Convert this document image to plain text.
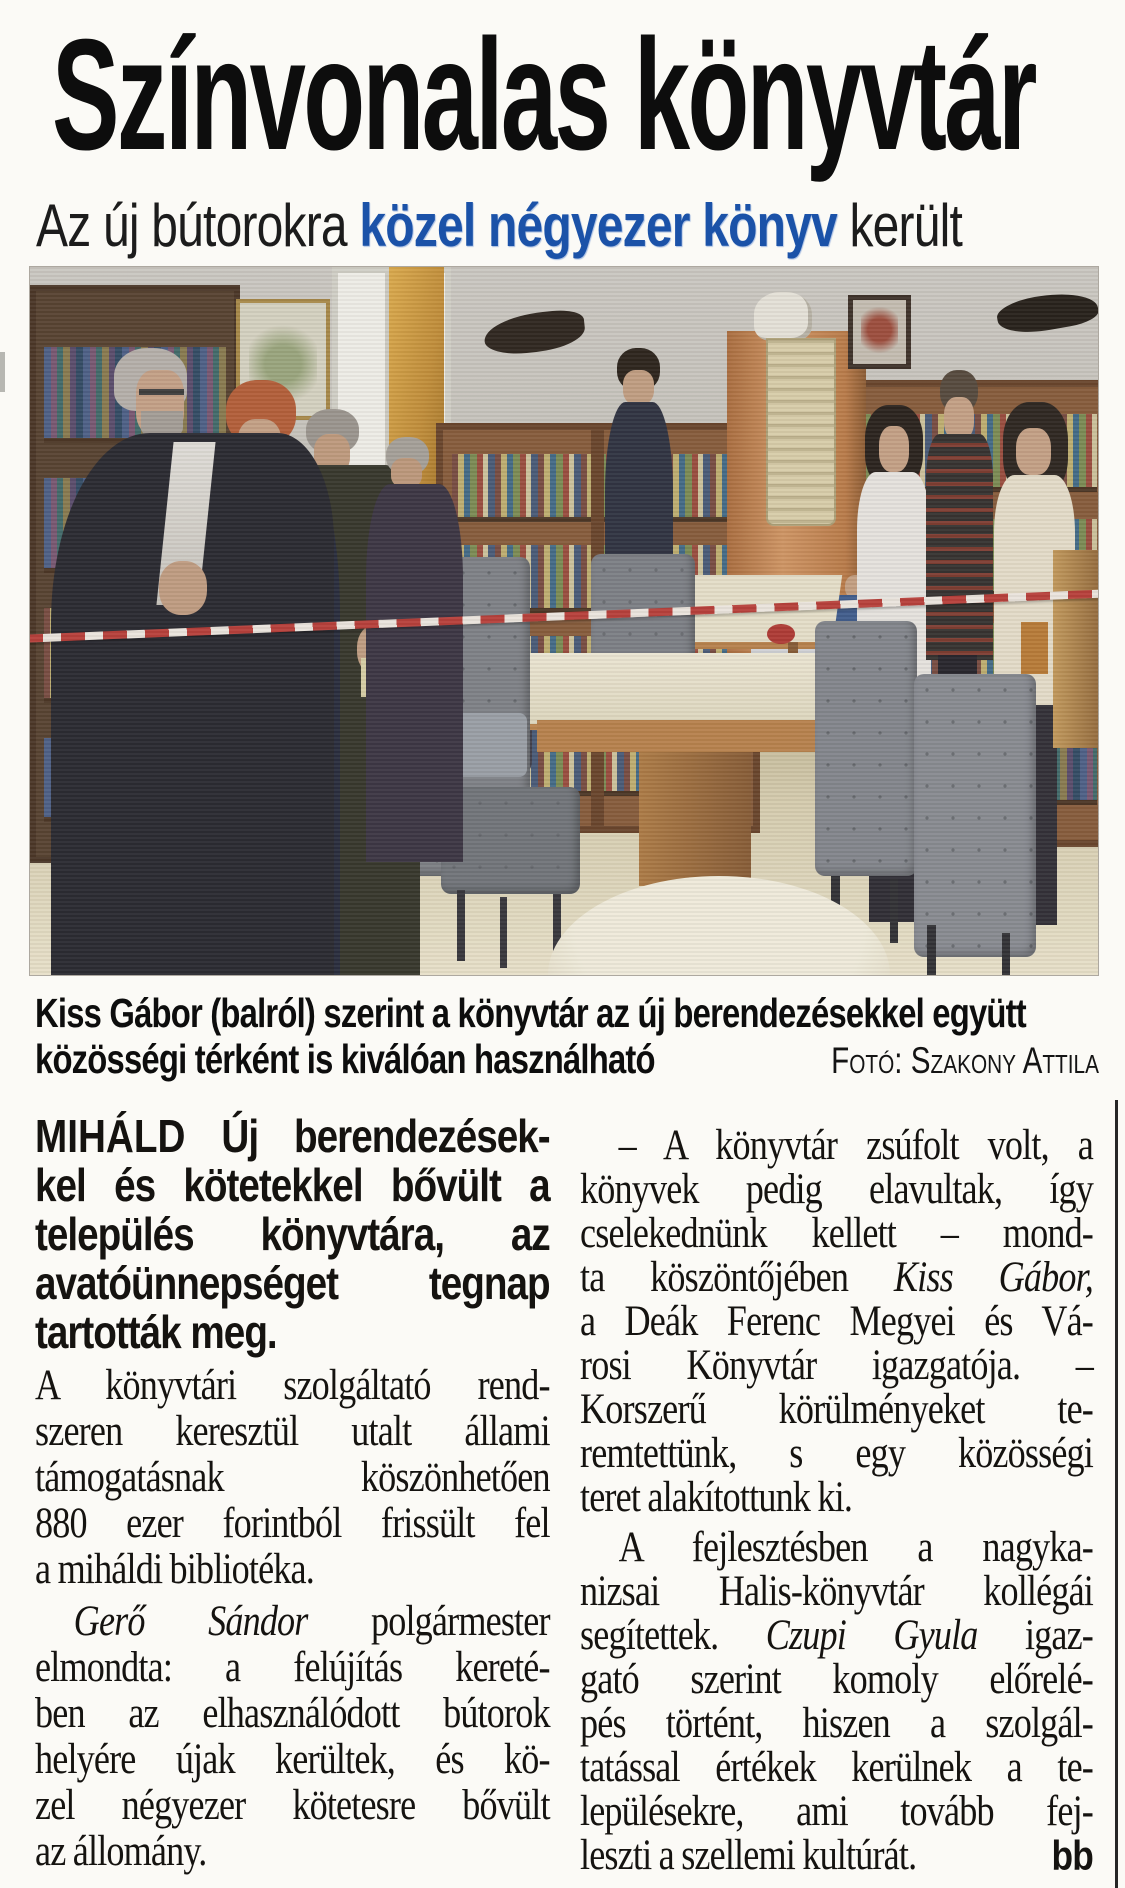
Színvonalas könyvtár
Az új bútorokra közel négyezer könyv került
Kiss Gábor (balról) szerint a könyvtár az új berendezésekkel együtt
közösségi térként is kiválóan használható	Fotó: Szakony Attila
MIHÁLD Új berendezések-
kel és kötetekkel bővült a
település könyvtára, az
avatóünnepséget tegnap
tartották meg.
A könyvtári szolgáltató rend-
szeren keresztül utalt állami
támogatásnak köszönhetően
880 ezer forintból frissült fel
a miháldi bibliotéka.
Gerő Sándor polgármester
elmondta: a felújítás kereté-
ben az elhasználódott bútorok
helyére újak kerültek, és kö-
zel négyezer kötetesre bővült
az állomány.
– A könyvtár zsúfolt volt, a
könyvek pedig elavultak, így
cselekednünk kellett – mond-
ta köszöntőjében Kiss Gábor,
a Deák Ferenc Megyei és Vá-
rosi Könyvtár igazgatója. –
Korszerű körülményeket te-
remtettünk, s egy közösségi
teret alakítottunk ki.
A fejlesztésben a nagyka-
nizsai Halis-könyvtár kollégái
segítettek. Czupi Gyula igaz-
gató szerint komoly előrelé-
pés történt, hiszen a szolgál-
tatással értékek kerülnek a te-
lepülésekre, ami tovább fej-
bb
leszti a szellemi kultúrát.
